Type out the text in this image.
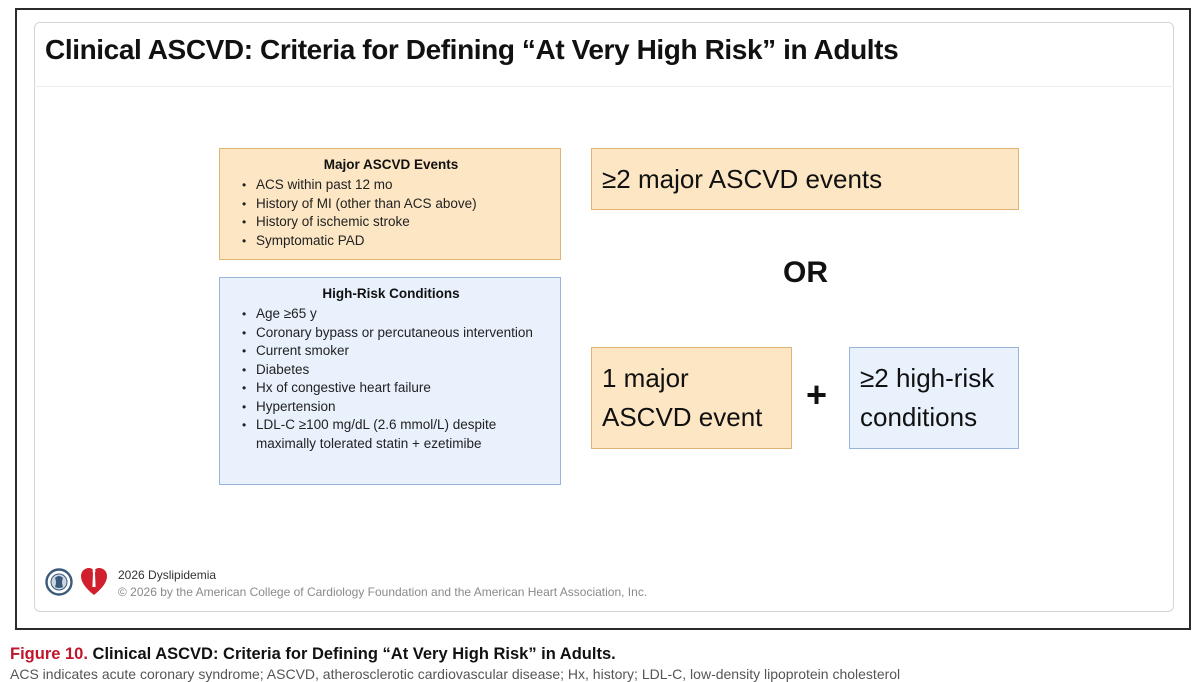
Clinical ASCVD: Criteria for Defining “At Very High Risk” in Adults
Major ASCVD Events
• ACS within past 12 mo
• History of MI (other than ACS above)
• History of ischemic stroke
• Symptomatic PAD
High-Risk Conditions
• Age ≥65 y
• Coronary bypass or percutaneous intervention
• Current smoker
• Diabetes
• Hx of congestive heart failure
• Hypertension
• LDL-C ≥100 mg/dL (2.6 mmol/L) despite maximally tolerated statin + ezetimibe
≥2 major ASCVD events
OR
1 major ASCVD event
+ ≥2 high-risk conditions
2026 Dyslipidemia
© 2026 by the American College of Cardiology Foundation and the American Heart Association, Inc.
Figure 10. Clinical ASCVD: Criteria for Defining “At Very High Risk” in Adults.
ACS indicates acute coronary syndrome; ASCVD, atherosclerotic cardiovascular disease; Hx, history; LDL-C, low-density lipoprotein cholesterol
